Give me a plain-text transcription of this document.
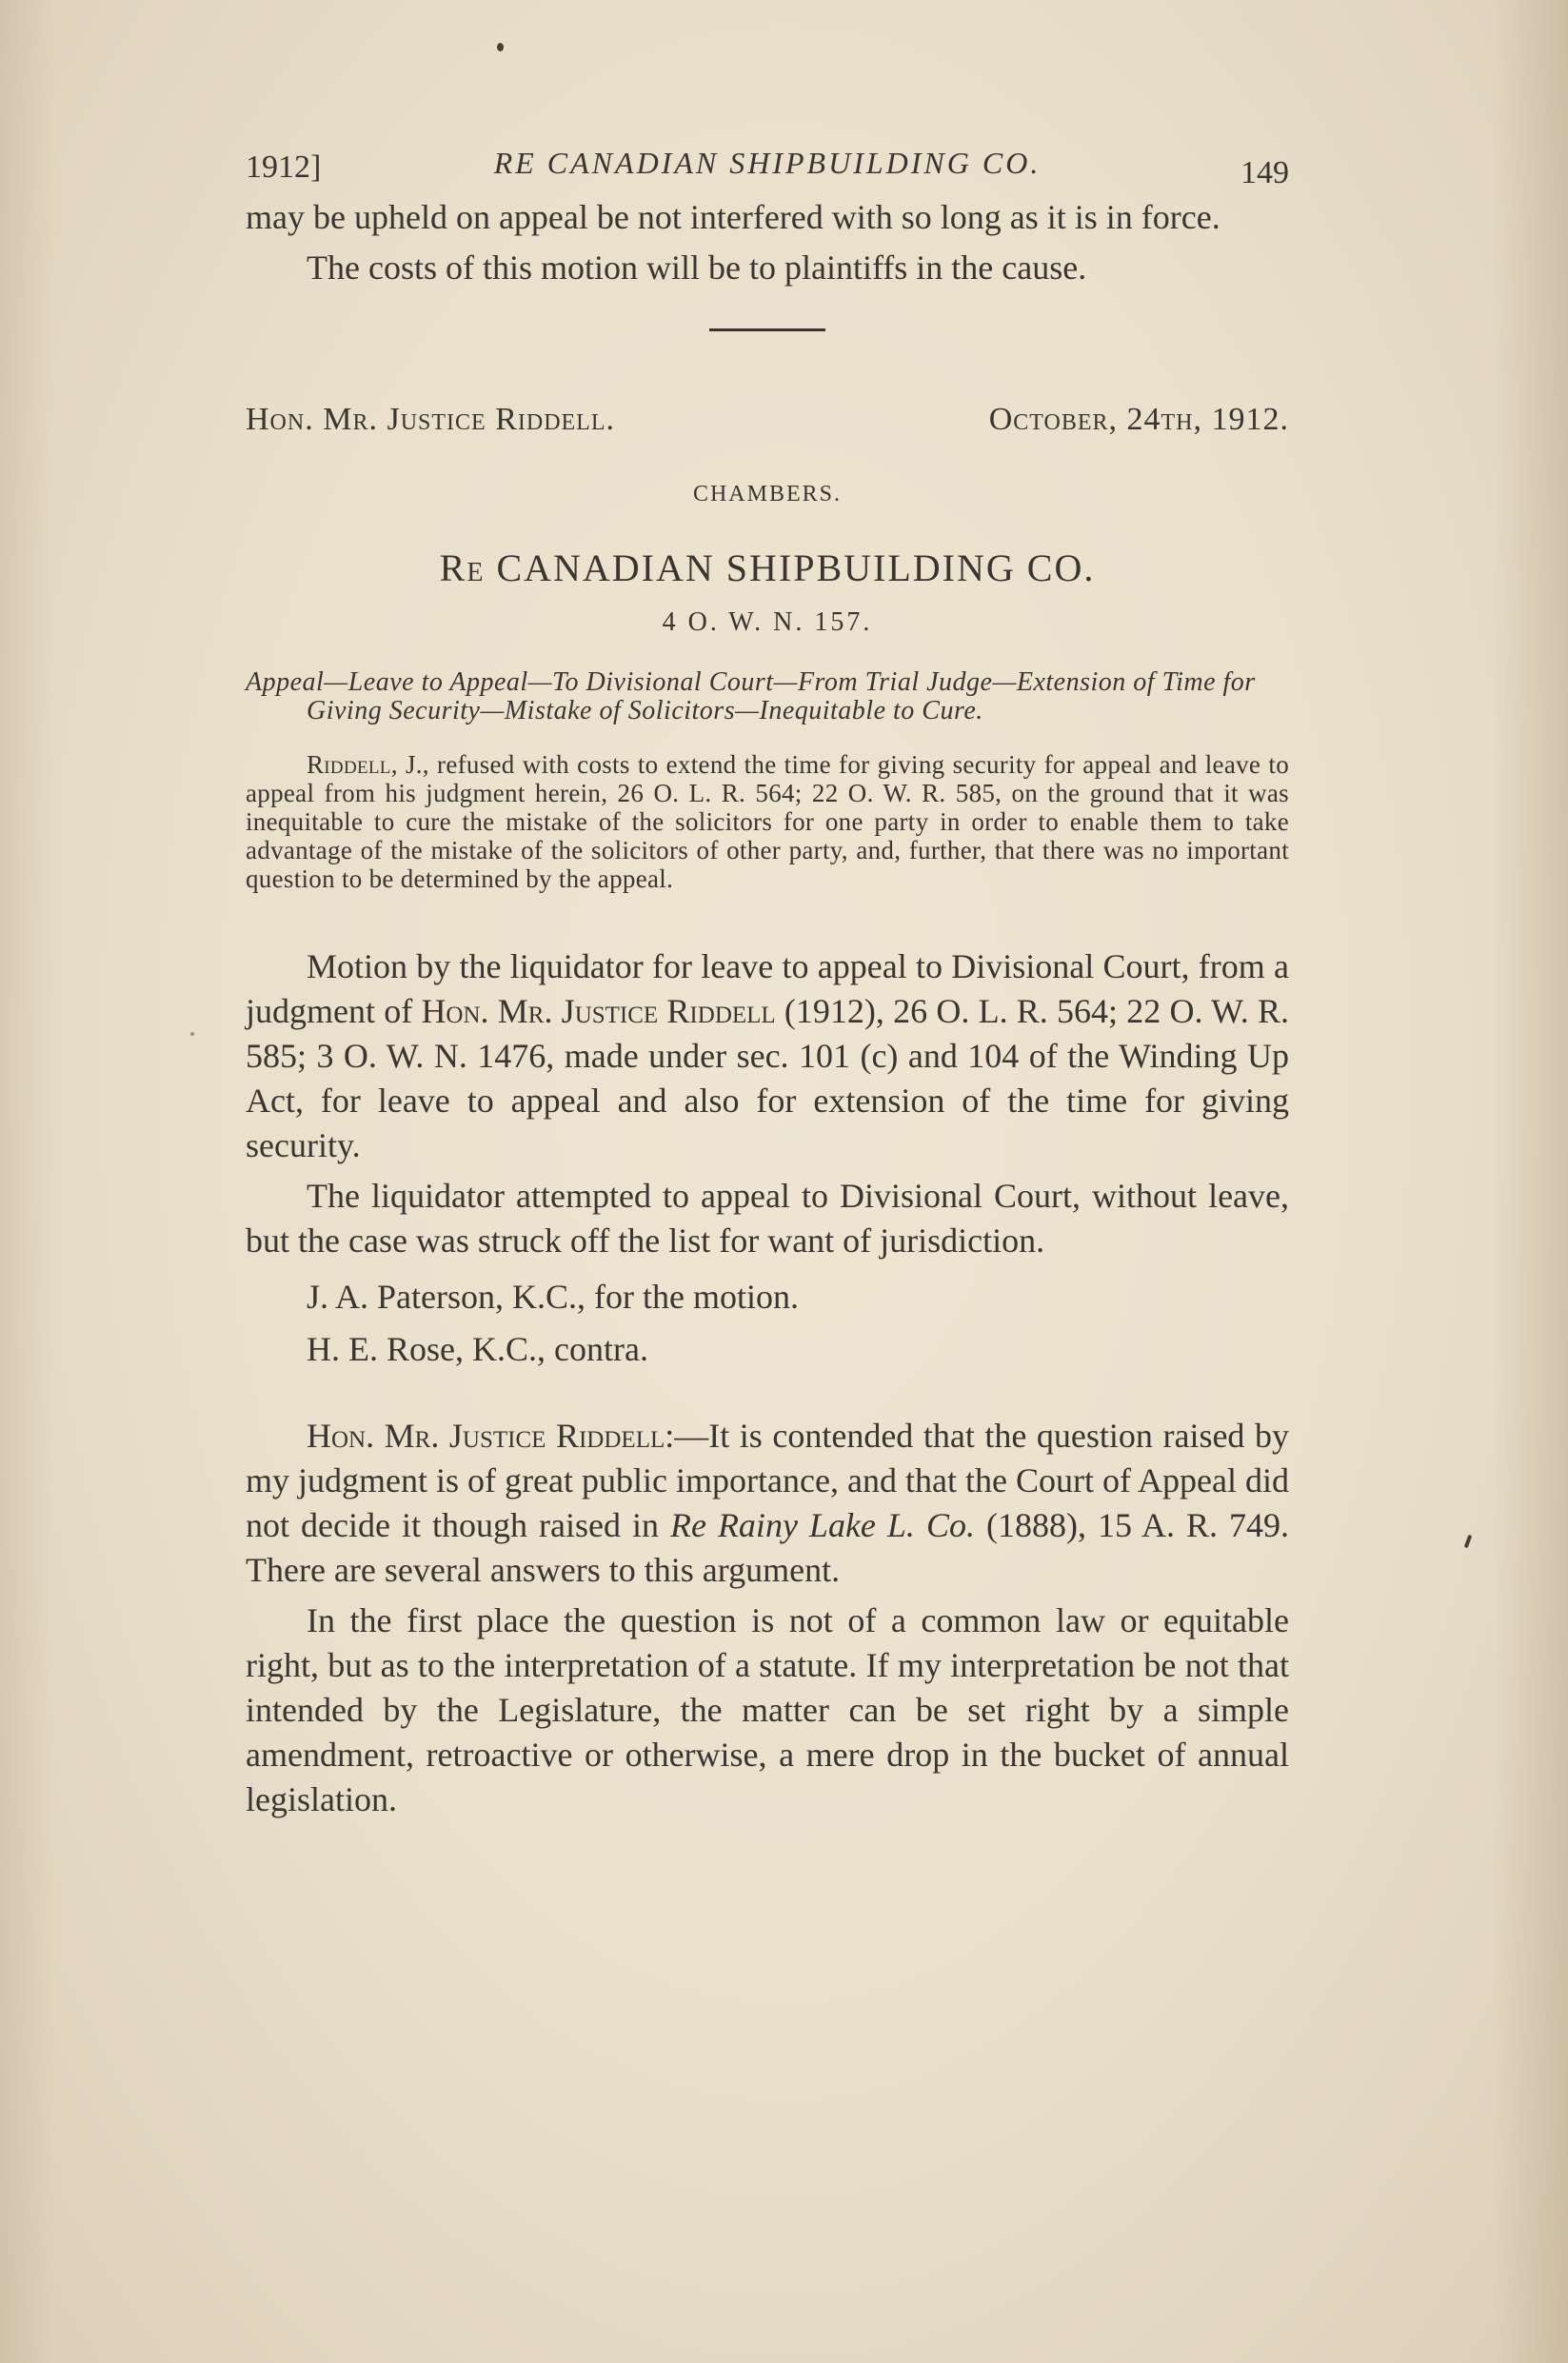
1912]	RE CANADIAN SHIPBUILDING CO.	149

may be upheld on appeal be not interfered with so long as it is in force.

The costs of this motion will be to plaintiffs in the cause.

Hon. Mr. Justice Riddell.	October, 24th, 1912.
CHAMBERS.
Re CANADIAN SHIPBUILDING CO.
4 O. W. N. 157.

Appeal—Leave to Appeal—To Divisional Court—From Trial Judge—Extension of Time for Giving Security—Mistake of Solicitors—Inequitable to Cure.

Riddell, J., refused with costs to extend the time for giving security for appeal and leave to appeal from his judgment herein, 26 O. L. R. 564; 22 O. W. R. 585, on the ground that it was inequitable to cure the mistake of the solicitors for one party in order to enable them to take advantage of the mistake of the solicitors of other party, and, further, that there was no important question to be determined by the appeal.

Motion by the liquidator for leave to appeal to Divisional Court, from a judgment of Hon. Mr. Justice Riddell (1912), 26 O. L. R. 564; 22 O. W. R. 585; 3 O. W. N. 1476, made under sec. 101 (c) and 104 of the Winding Up Act, for leave to appeal and also for extension of the time for giving security.

The liquidator attempted to appeal to Divisional Court, without leave, but the case was struck off the list for want of jurisdiction.

J. A. Paterson, K.C., for the motion.

H. E. Rose, K.C., contra.

Hon. Mr. Justice Riddell:—It is contended that the question raised by my judgment is of great public importance, and that the Court of Appeal did not decide it though raised in Re Rainy Lake L. Co. (1888), 15 A. R. 749. There are several answers to this argument.

In the first place the question is not of a common law or equitable right, but as to the interpretation of a statute. If my interpretation be not that intended by the Legislature, the matter can be set right by a simple amendment, retroactive or otherwise, a mere drop in the bucket of annual legislation.
